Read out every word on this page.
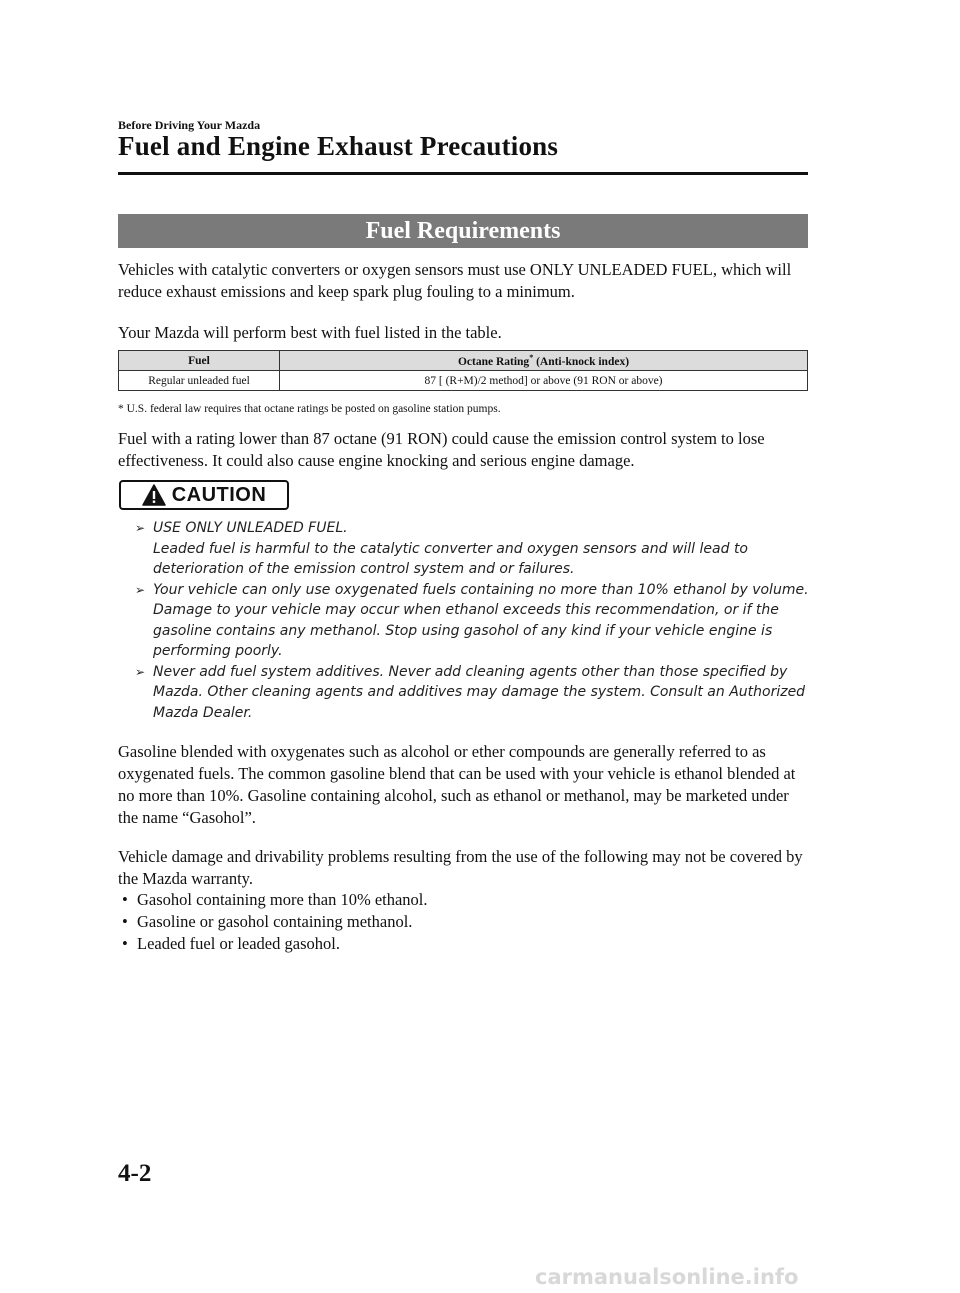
Before Driving Your Mazda
Fuel and Engine Exhaust Precautions
Fuel Requirements
Vehicles with catalytic converters or oxygen sensors must use ONLY UNLEADED FUEL, which will reduce exhaust emissions and keep spark plug fouling to a minimum.
Your Mazda will perform best with fuel listed in the table.
Fuel	Octane Rating* (Anti-knock index)
Regular unleaded fuel	87 [ (R+M)/2 method] or above (91 RON or above)
* U.S. federal law requires that octane ratings be posted on gasoline station pumps.
Fuel with a rating lower than 87 octane (91 RON) could cause the emission control system to lose effectiveness. It could also cause engine knocking and serious engine damage.
CAUTION
➢ USE ONLY UNLEADED FUEL.
Leaded fuel is harmful to the catalytic converter and oxygen sensors and will lead to deterioration of the emission control system and or failures.
➢ Your vehicle can only use oxygenated fuels containing no more than 10% ethanol by volume. Damage to your vehicle may occur when ethanol exceeds this recommendation, or if the gasoline contains any methanol. Stop using gasohol of any kind if your vehicle engine is performing poorly.
➢ Never add fuel system additives. Never add cleaning agents other than those specified by Mazda. Other cleaning agents and additives may damage the system. Consult an Authorized Mazda Dealer.
Gasoline blended with oxygenates such as alcohol or ether compounds are generally referred to as oxygenated fuels. The common gasoline blend that can be used with your vehicle is ethanol blended at no more than 10%. Gasoline containing alcohol, such as ethanol or methanol, may be marketed under the name “Gasohol”.
Vehicle damage and drivability problems resulting from the use of the following may not be covered by the Mazda warranty.
• Gasohol containing more than 10% ethanol.
• Gasoline or gasohol containing methanol.
• Leaded fuel or leaded gasohol.
4-2
carmanualsonline.info
